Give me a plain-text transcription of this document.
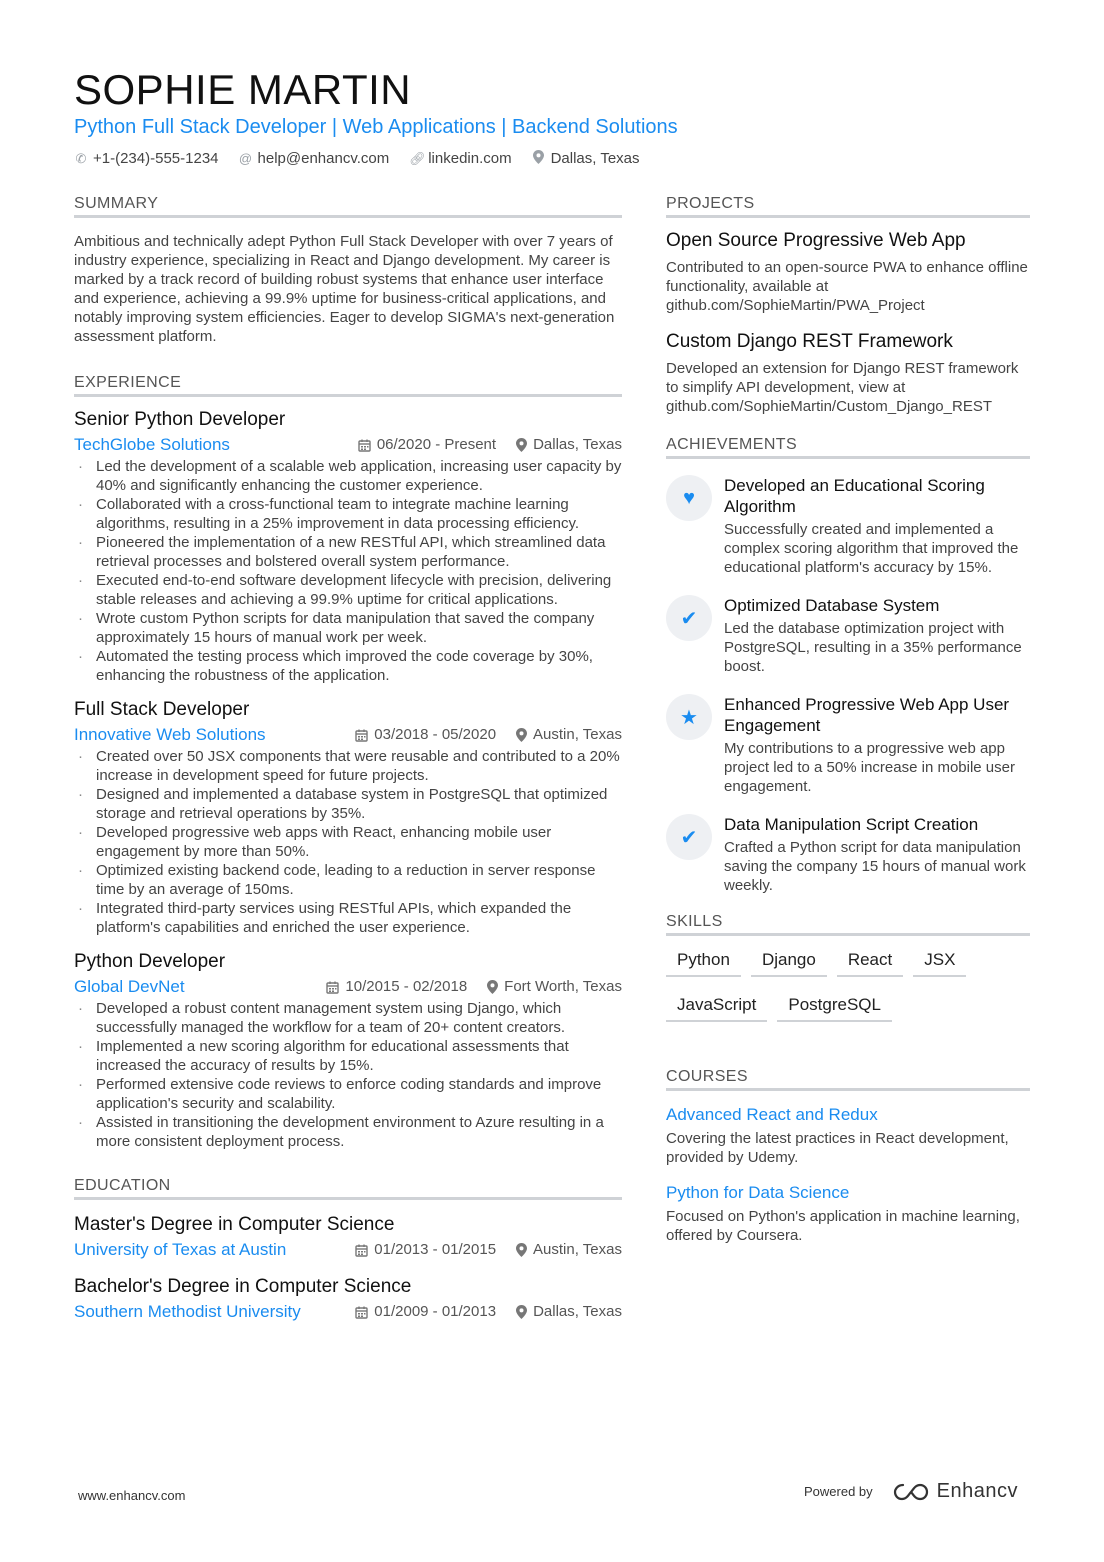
SOPHIE MARTIN
Python Full Stack Developer | Web Applications | Backend Solutions
✆ +1-(234)-555-1234 @ help@enhancv.com 🔗︎ linkedin.com	Dallas, Texas
SUMMARY
Ambitious and technically adept Python Full Stack Developer with over 7 years of industry experience, specializing in React and Django development. My career is marked by a track record of building robust systems that enhance user interface and experience, achieving a 99.9% uptime for business-critical applications, and notably improving system efficiencies. Eager to develop SIGMA's next-generation assessment platform.
EXPERIENCE
Senior Python Developer
TechGlobe Solutions	06/2020 - Present Dallas, Texas
· Led the development of a scalable web application, increasing user capacity by 40% and significantly enhancing the customer experience.
· Collaborated with a cross-functional team to integrate machine learning algorithms, resulting in a 25% improvement in data processing efficiency.
· Pioneered the implementation of a new RESTful API, which streamlined data retrieval processes and bolstered overall system performance.
· Executed end-to-end software development lifecycle with precision, delivering stable releases and achieving a 99.9% uptime for critical applications.
· Wrote custom Python scripts for data manipulation that saved the company approximately 15 hours of manual work per week.
· Automated the testing process which improved the code coverage by 30%, enhancing the robustness of the application.
Full Stack Developer
Innovative Web Solutions	03/2018 - 05/2020 Austin, Texas
· Created over 50 JSX components that were reusable and contributed to a 20% increase in development speed for future projects.
· Designed and implemented a database system in PostgreSQL that optimized storage and retrieval operations by 35%.
· Developed progressive web apps with React, enhancing mobile user engagement by more than 50%.
· Optimized existing backend code, leading to a reduction in server response time by an average of 150ms.
· Integrated third-party services using RESTful APIs, which expanded the platform's capabilities and enriched the user experience.
Python Developer
Global DevNet	10/2015 - 02/2018 Fort Worth, Texas
· Developed a robust content management system using Django, which successfully managed the workflow for a team of 20+ content creators.
· Implemented a new scoring algorithm for educational assessments that increased the accuracy of results by 15%.
· Performed extensive code reviews to enforce coding standards and improve application's security and scalability.
· Assisted in transitioning the development environment to Azure resulting in a more consistent deployment process.
EDUCATION
Master's Degree in Computer Science
University of Texas at Austin	01/2013 - 01/2015 Austin, Texas
Bachelor's Degree in Computer Science
Southern Methodist University	01/2009 - 01/2013 Dallas, Texas
PROJECTS
Open Source Progressive Web App
Contributed to an open-source PWA to enhance offline functionality, available at github.com/SophieMartin/PWA_Project
Custom Django REST Framework
Developed an extension for Django REST framework to simplify API development, view at github.com/SophieMartin/Custom_Django_REST
ACHIEVEMENTS
♥
Developed an Educational Scoring Algorithm
Successfully created and implemented a complex scoring algorithm that improved the educational platform's accuracy by 15%.
✔
Optimized Database System
Led the database optimization project with PostgreSQL, resulting in a 35% performance boost.
★
Enhanced Progressive Web App User Engagement
My contributions to a progressive web app project led to a 50% increase in mobile user engagement.
✔
Data Manipulation Script Creation
Crafted a Python script for data manipulation saving the company 15 hours of manual work weekly.
SKILLS
Python	Django	React	JSX
JavaScript	PostgreSQL
COURSES
Advanced React and Redux
Covering the latest practices in React development, provided by Udemy.
Python for Data Science
Focused on Python's application in machine learning, offered by Coursera.
www.enhancv.com	Powered by	Enhancv
